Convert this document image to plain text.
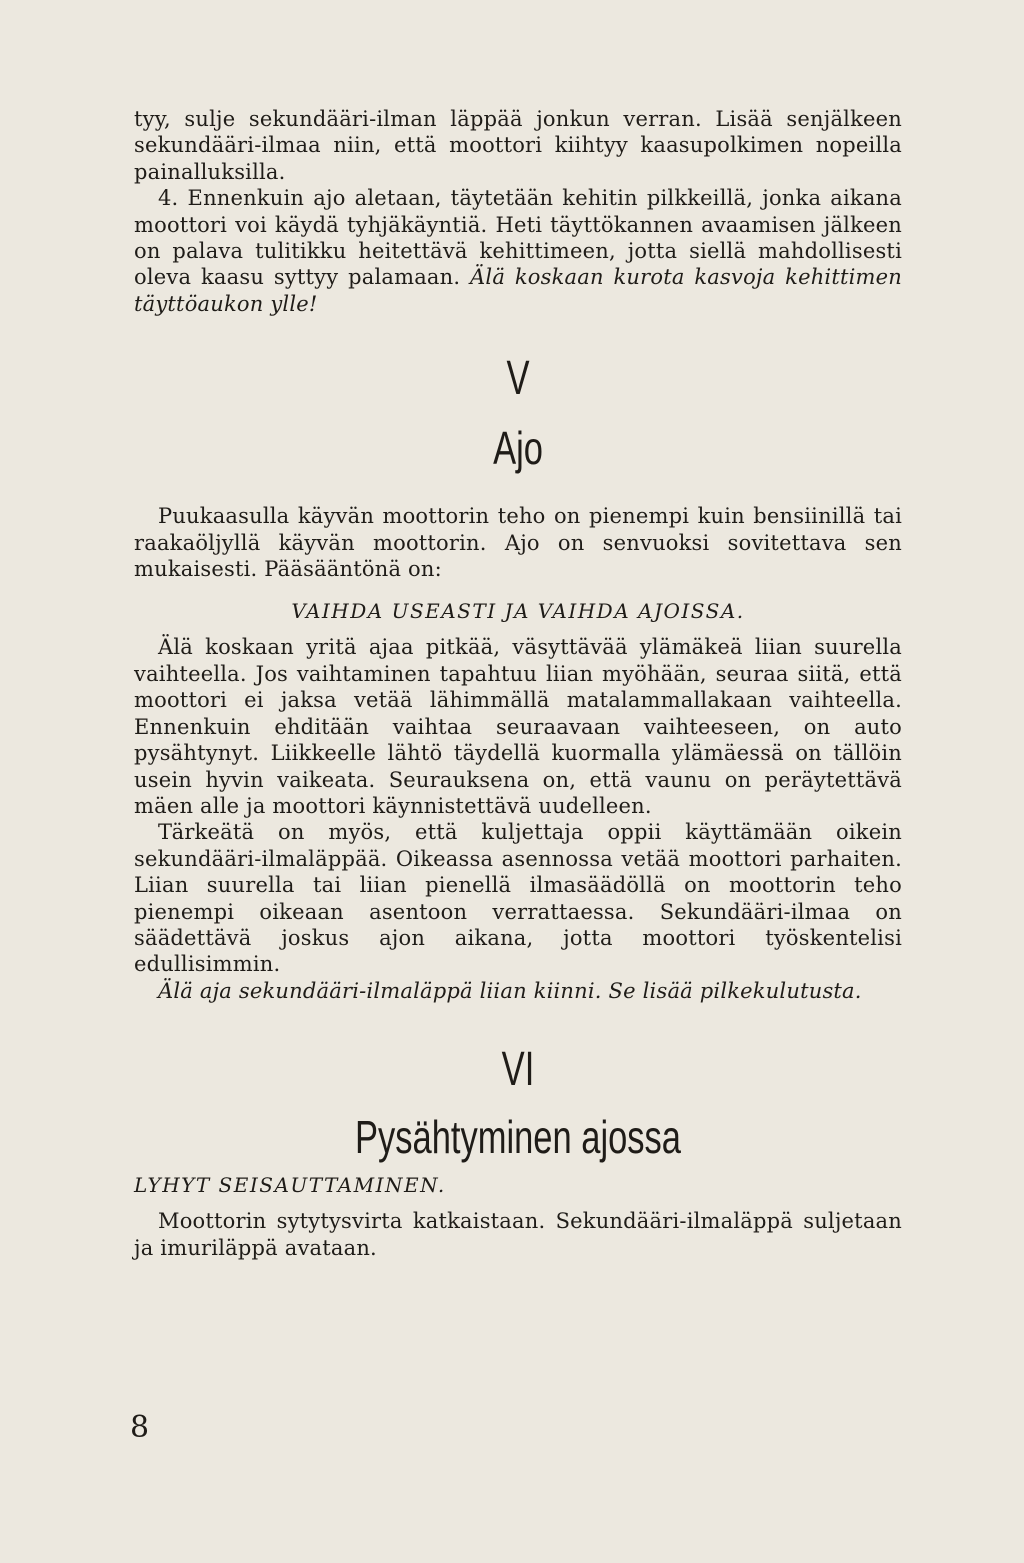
tyy, sulje sekundääri-ilman läppää jonkun verran. Lisää senjälkeen sekundääri-ilmaa niin, että moottori kiihtyy kaasupolkimen nopeilla painalluksilla.

4. Ennenkuin ajo aletaan, täytetään kehitin pilkkeillä, jonka aikana moottori voi käydä tyhjäkäyntiä. Heti täyttökannen avaamisen jälkeen on palava tulitikku heitettävä kehittimeen, jotta siellä mahdollisesti oleva kaasu syttyy palamaan. Älä koskaan kurota kasvoja kehittimen täyttöaukon ylle!

V
Ajo

Puukaasulla käyvän moottorin teho on pienempi kuin bensiinillä tai raakaöljyllä käyvän moottorin. Ajo on senvuoksi sovitettava sen mukaisesti. Pääsääntönä on:

VAIHDA USEASTI JA VAIHDA AJOISSA.

Älä koskaan yritä ajaa pitkää, väsyttävää ylämäkeä liian suurella vaihteella. Jos vaihtaminen tapahtuu liian myöhään, seuraa siitä, että moottori ei jaksa vetää lähimmällä matalammallakaan vaihteella. Ennenkuin ehditään vaihtaa seuraavaan vaihteeseen, on auto pysähtynyt. Liikkeelle lähtö täydellä kuormalla ylämäessä on tällöin usein hyvin vaikeata. Seurauksena on, että vaunu on peräytettävä mäen alle ja moottori käynnistettävä uudelleen.

Tärkeätä on myös, että kuljettaja oppii käyttämään oikein sekundääri-ilmaläppää. Oikeassa asennossa vetää moottori parhaiten. Liian suurella tai liian pienellä ilmasäädöllä on moottorin teho pienempi oikeaan asentoon verrattaessa. Sekundääri-ilmaa on säädettävä joskus ajon aikana, jotta moottori työskentelisi edullisimmin.

Älä aja sekundääri-ilmaläppä liian kiinni. Se lisää pilkekulutusta.

VI
Pysähtyminen ajossa
LYHYT SEISAUTTAMINEN.

Moottorin sytytysvirta katkaistaan. Sekundääri-ilmaläppä suljetaan ja imuriläppä avataan.

8
